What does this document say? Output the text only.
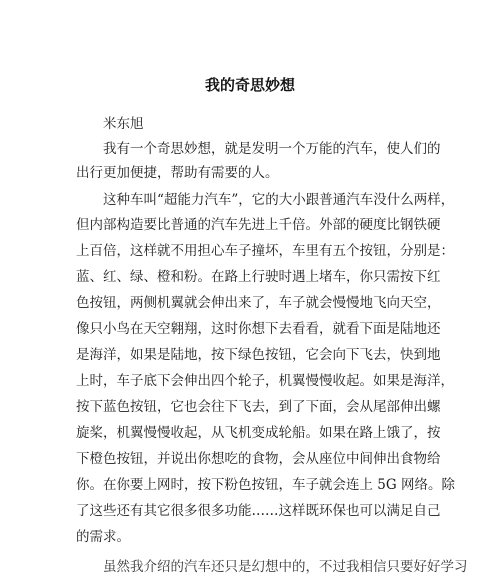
我的奇思妙想
米东旭
我有一个奇思妙想，就是发明一个万能的汽车，使人们的
出行更加便捷，帮助有需要的人。
这种车叫“超能力汽车”，它的大小跟普通汽车没什么两样，
但内部构造要比普通的汽车先进上千倍。外部的硬度比钢铁硬
上百倍，这样就不用担心车子撞坏，车里有五个按钮，分别是：
蓝、红、绿、橙和粉。在路上行驶时遇上堵车，你只需按下红
色按钮，两侧机翼就会伸出来了，车子就会慢慢地飞向天空，
像只小鸟在天空翱翔，这时你想下去看看，就看下面是陆地还
是海洋，如果是陆地，按下绿色按钮，它会向下飞去，快到地
上时，车子底下会伸出四个轮子，机翼慢慢收起。如果是海洋，
按下蓝色按钮，它也会往下飞去，到了下面，会从尾部伸出螺
旋桨，机翼慢慢收起，从飞机变成轮船。如果在路上饿了，按
下橙色按钮，并说出你想吃的食物，会从座位中间伸出食物给
你。在你要上网时，按下粉色按钮，车子就会连上 5G 网络。除
了这些还有其它很多很多功能……这样既环保也可以满足自己
的需求。
虽然我介绍的汽车还只是幻想中的，不过我相信只要好好学习
